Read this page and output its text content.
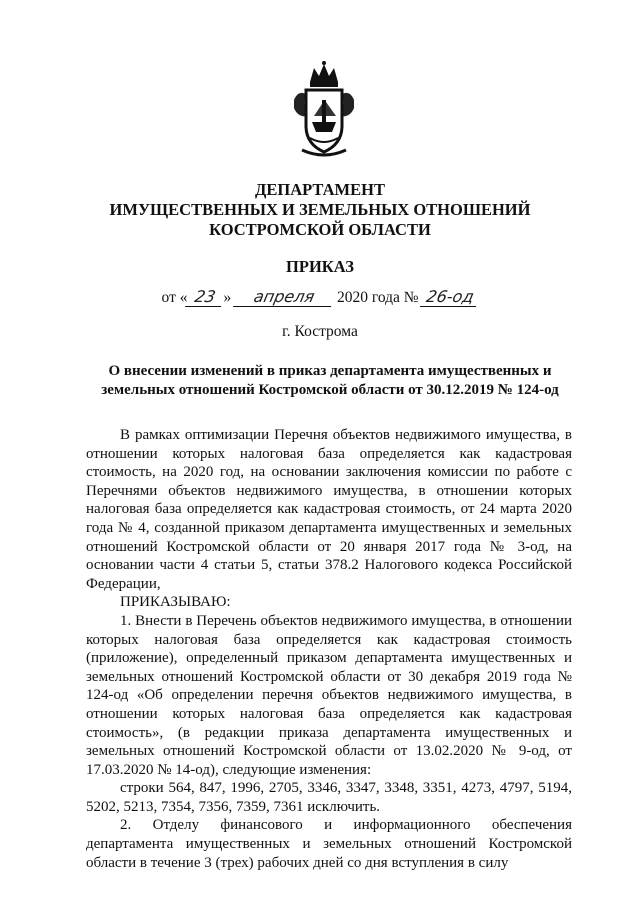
ДЕПАРТАМЕНТ
ИМУЩЕСТВЕННЫХ И ЗЕМЕЛЬНЫХ ОТНОШЕНИЙ
КОСТРОМСКОЙ ОБЛАСТИ
ПРИКАЗ
от « 23 » апреля 2020 года № 26-од
г. Кострома
О внесении изменений в приказ департамента имущественных и
земельных отношений Костромской области от 30.12.2019 № 124-од

В рамках оптимизации Перечня объектов недвижимого имущества, в отношении которых налоговая база определяется как кадастровая стоимость, на 2020 год, на основании заключения комиссии по работе с Перечнями объектов недвижимого имущества, в отношении которых налоговая база определяется как кадастровая стоимость, от 24 марта 2020 года № 4, созданной приказом департамента имущественных и земельных отношений Костромской области от 20 января 2017 года № 3-од, на основании части 4 статьи 5, статьи 378.2 Налогового кодекса Российской Федерации,

ПРИКАЗЫВАЮ:

1. Внести в Перечень объектов недвижимого имущества, в отношении которых налоговая база определяется как кадастровая стоимость (приложение), определенный приказом департамента имущественных и земельных отношений Костромской области от 30 декабря 2019 года № 124-од «Об определении перечня объектов недвижимого имущества, в отношении которых налоговая база определяется как кадастровая стоимость», (в редакции приказа департамента имущественных и земельных отношений Костромской области от 13.02.2020 № 9-од, от 17.03.2020 № 14-од), следующие изменения:

строки 564, 847, 1996, 2705, 3346, 3347, 3348, 3351, 4273, 4797, 5194, 5202, 5213, 7354, 7356, 7359, 7361 исключить.

2. Отделу финансового и информационного обеспечения департамента имущественных и земельных отношений Костромской области в течение 3 (трех) рабочих дней со дня вступления в силу
